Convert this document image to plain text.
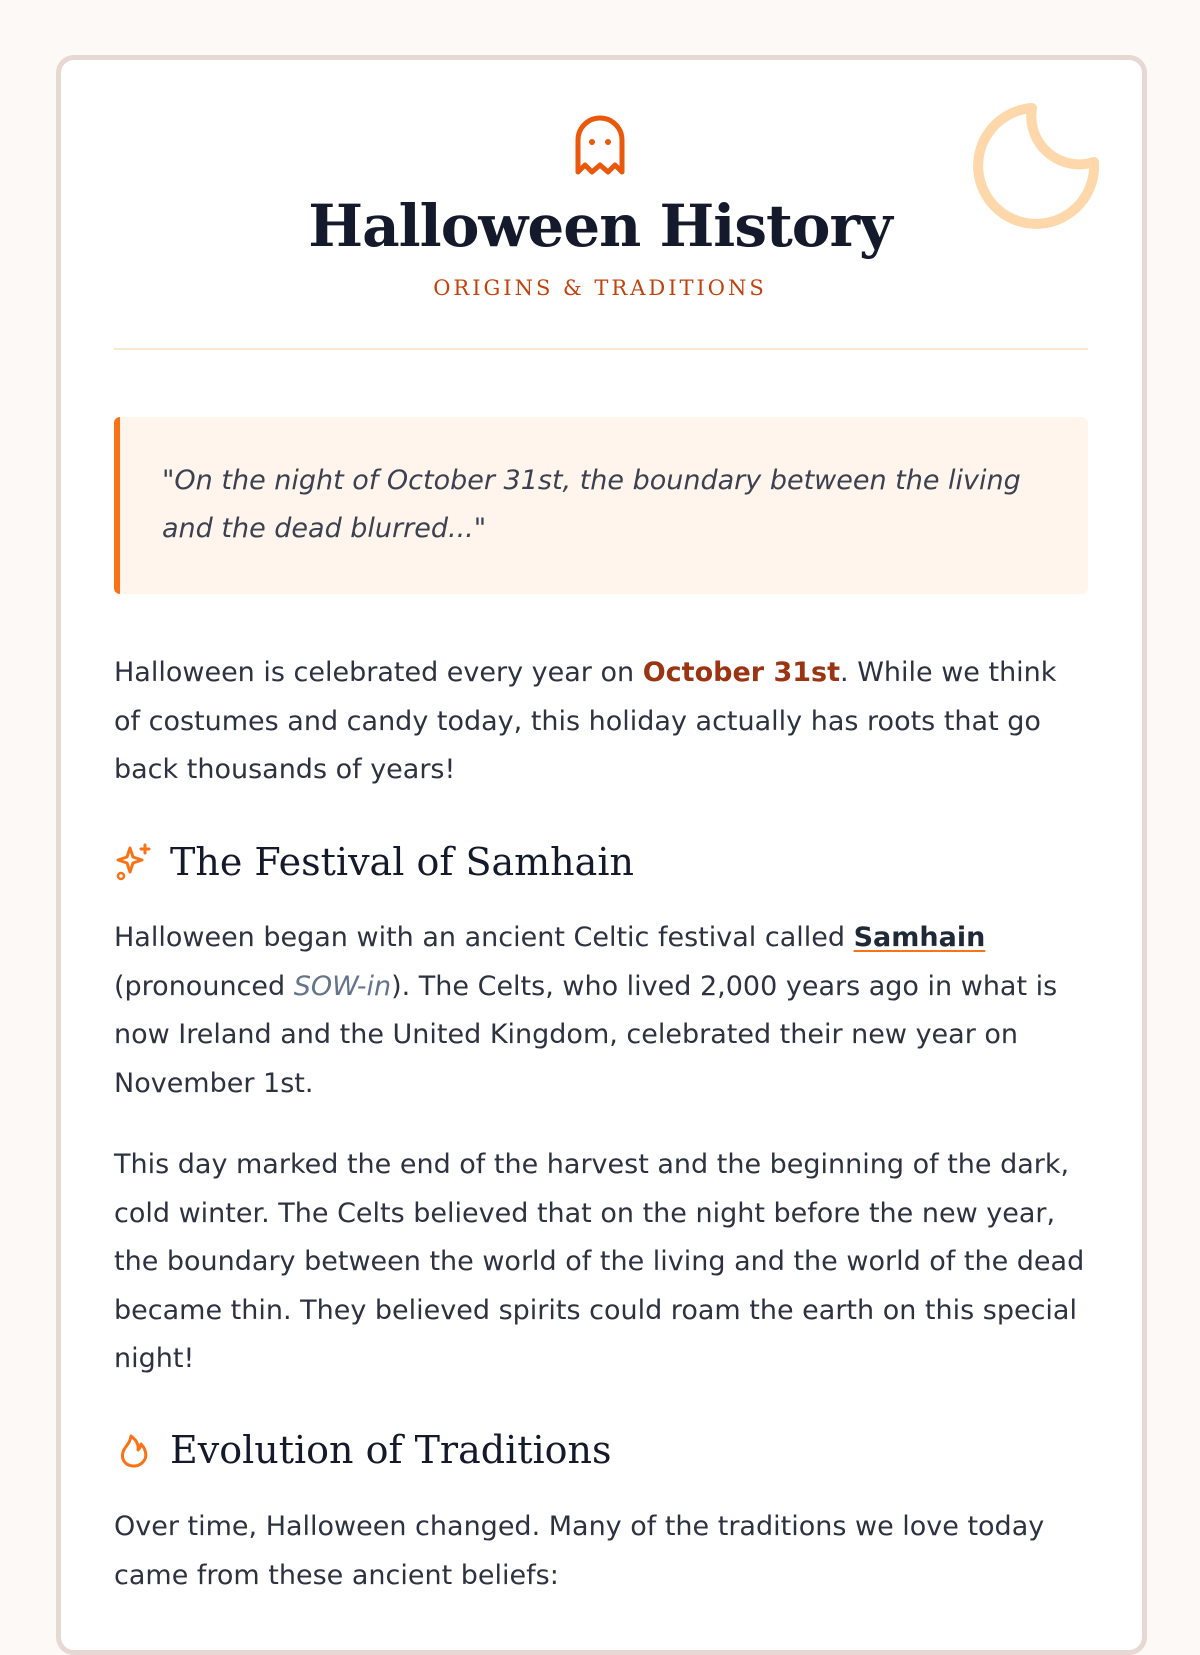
Halloween History
ORIGINS & TRADITIONS
"On the night of October 31st, the boundary between the living and the dead blurred..."
Halloween is celebrated every year on October 31st. While we think of costumes and candy today, this holiday actually has roots that go back thousands of years!
The Festival of Samhain
Halloween began with an ancient Celtic festival called Samhain (pronounced SOW-in). The Celts, who lived 2,000 years ago in what is now Ireland and the United Kingdom, celebrated their new year on November 1st.
This day marked the end of the harvest and the beginning of the dark, cold winter. The Celts believed that on the night before the new year, the boundary between the world of the living and the world of the dead became thin. They believed spirits could roam the earth on this special night!
Evolution of Traditions
Over time, Halloween changed. Many of the traditions we love today came from these ancient beliefs:
